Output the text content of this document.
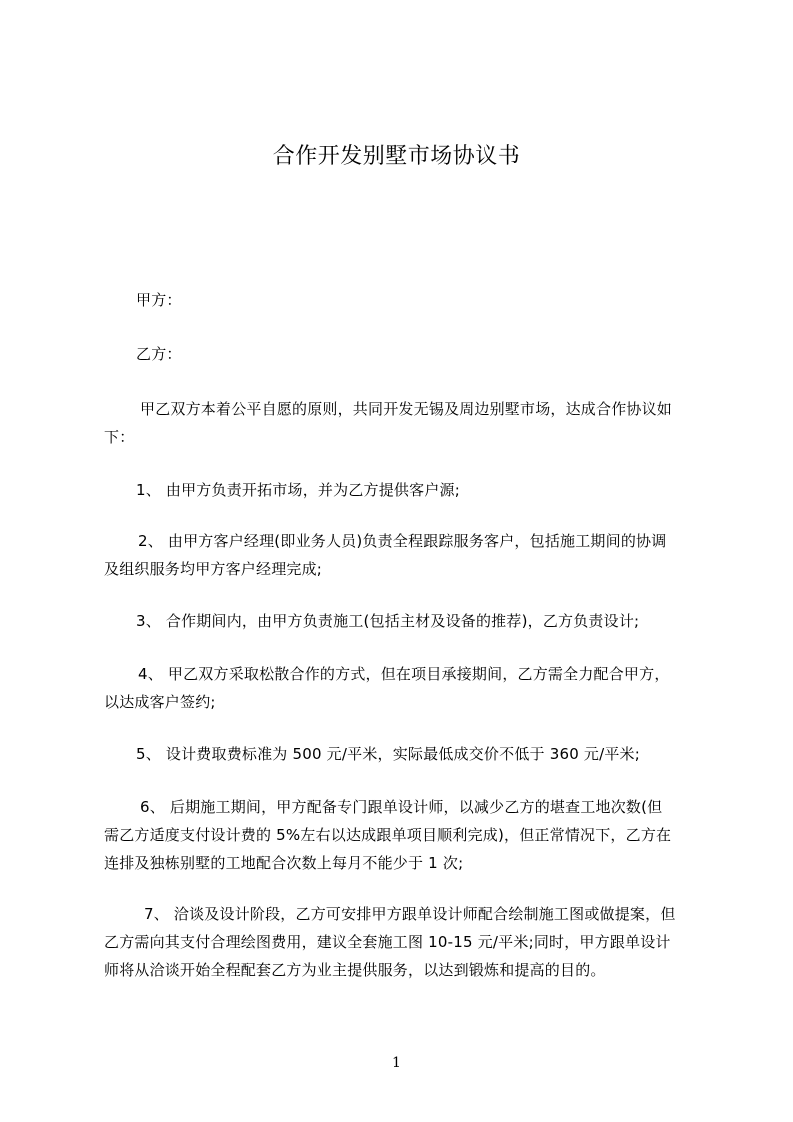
合作开发别墅市场协议书
甲方：
乙方：
甲乙双方本着公平自愿的原则，共同开发无锡及周边别墅市场，达成合作协议如
下：
1、 由甲方负责开拓市场，并为乙方提供客户源;
2、 由甲方客户经理(即业务人员)负责全程跟踪服务客户，包括施工期间的协调
及组织服务均甲方客户经理完成;
3、 合作期间内，由甲方负责施工(包括主材及设备的推荐)，乙方负责设计;
4、 甲乙双方采取松散合作的方式，但在项目承接期间，乙方需全力配合甲方，
以达成客户签约;
5、 设计费取费标准为 500 元/平米，实际最低成交价不低于 360 元/平米;
6、 后期施工期间，甲方配备专门跟单设计师，以减少乙方的堪查工地次数(但
需乙方适度支付设计费的 5%左右以达成跟单项目顺利完成)，但正常情况下，乙方在
连排及独栋别墅的工地配合次数上每月不能少于 1 次;
7、 洽谈及设计阶段，乙方可安排甲方跟单设计师配合绘制施工图或做提案，但
乙方需向其支付合理绘图费用，建议全套施工图 10-15 元/平米;同时，甲方跟单设计
师将从洽谈开始全程配套乙方为业主提供服务，以达到锻炼和提高的目的。
1
